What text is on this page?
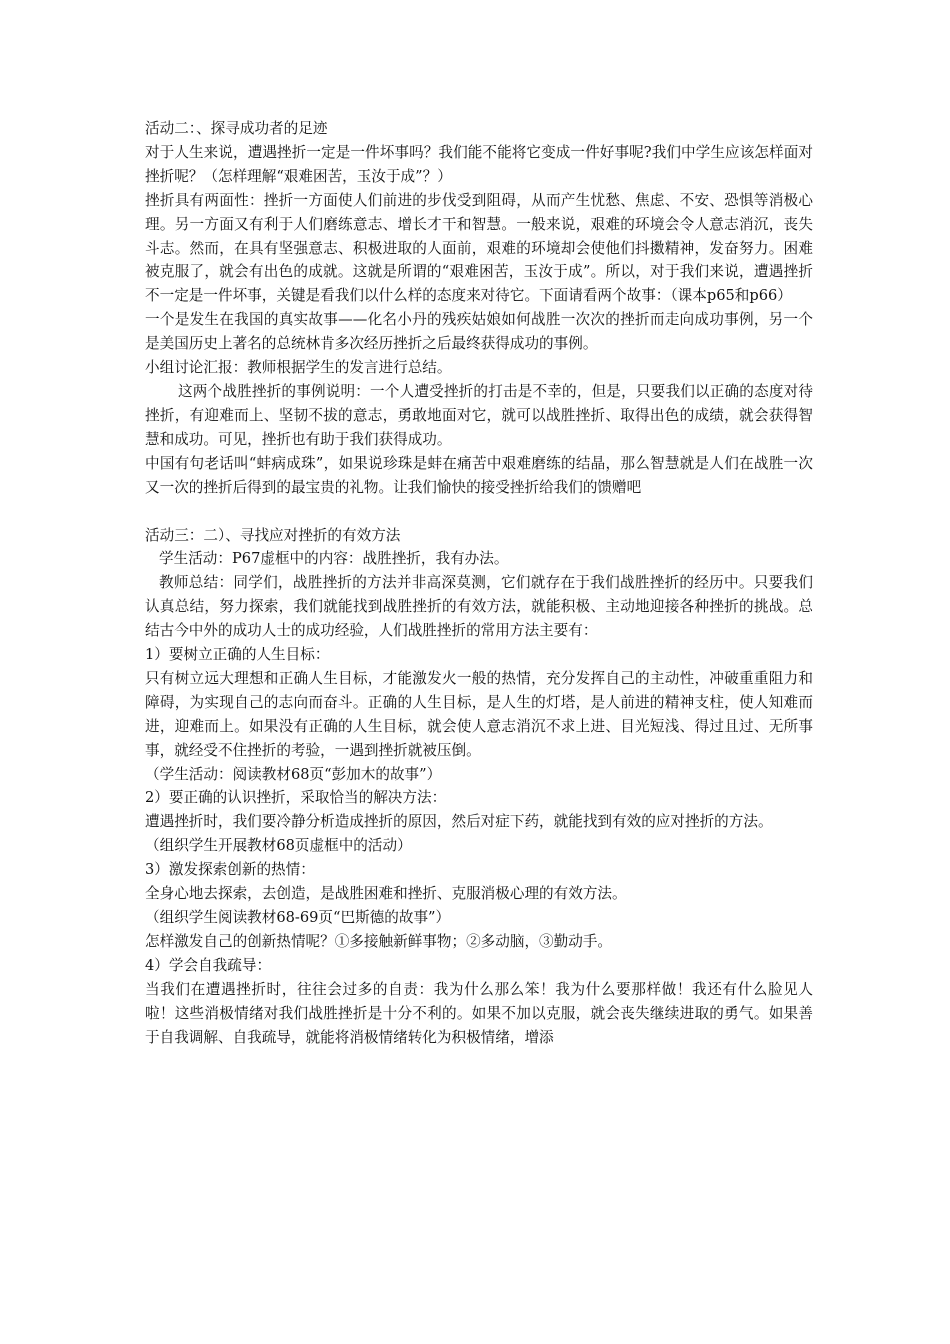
活动二：、探寻成功者的足迹

对于人生来说，遭遇挫折一定是一件坏事吗？我们能不能将它变成一件好事呢?我们中学生应该怎样面对挫折呢？（怎样理解“艰难困苦，玉汝于成”？）

挫折具有两面性：挫折一方面使人们前进的步伐受到阻碍，从而产生忧愁、焦虑、不安、恐惧等消极心理。另一方面又有利于人们磨练意志、增长才干和智慧。一般来说，艰难的环境会令人意志消沉，丧失斗志。然而，在具有坚强意志、积极进取的人面前，艰难的环境却会使他们抖擞精神，发奋努力。困难被克服了，就会有出色的成就。这就是所谓的“艰难困苦，玉汝于成”。所以，对于我们来说，遭遇挫折不一定是一件坏事，关键是看我们以什么样的态度来对待它。下面请看两个故事：（课本p65和p66）

一个是发生在我国的真实故事——化名小丹的残疾姑娘如何战胜一次次的挫折而走向成功事例，另一个是美国历史上著名的总统林肯多次经历挫折之后最终获得成功的事例。

小组讨论汇报：教师根据学生的发言进行总结。

这两个战胜挫折的事例说明：一个人遭受挫折的打击是不幸的，但是，只要我们以正确的态度对待挫折，有迎难而上、坚韧不拔的意志，勇敢地面对它，就可以战胜挫折、取得出色的成绩，就会获得智慧和成功。可见，挫折也有助于我们获得成功。

中国有句老话叫“蚌病成珠”，如果说珍珠是蚌在痛苦中艰难磨练的结晶，那么智慧就是人们在战胜一次又一次的挫折后得到的最宝贵的礼物。让我们愉快的接受挫折给我们的馈赠吧

活动三：二）、寻找应对挫折的有效方法

学生活动：P67虚框中的内容：战胜挫折，我有办法。

教师总结：同学们，战胜挫折的方法并非高深莫测，它们就存在于我们战胜挫折的经历中。只要我们认真总结，努力探索，我们就能找到战胜挫折的有效方法，就能积极、主动地迎接各种挫折的挑战。总结古今中外的成功人士的成功经验，人们战胜挫折的常用方法主要有：

1）要树立正确的人生目标：

只有树立远大理想和正确人生目标，才能激发火一般的热情，充分发挥自己的主动性，冲破重重阻力和障碍，为实现自己的志向而奋斗。正确的人生目标，是人生的灯塔，是人前进的精神支柱，使人知难而进，迎难而上。如果没有正确的人生目标，就会使人意志消沉不求上进、目光短浅、得过且过、无所事事，就经受不住挫折的考验，一遇到挫折就被压倒。

（学生活动：阅读教材68页“彭加木的故事”）

2）要正确的认识挫折，采取恰当的解决方法：

遭遇挫折时，我们要冷静分析造成挫折的原因，然后对症下药，就能找到有效的应对挫折的方法。

（组织学生开展教材68页虚框中的活动）

3）激发探索创新的热情：

全身心地去探索，去创造，是战胜困难和挫折、克服消极心理的有效方法。

（组织学生阅读教材68-69页“巴斯德的故事”）

怎样激发自己的创新热情呢？①多接触新鲜事物；②多动脑，③勤动手。

4）学会自我疏导：

当我们在遭遇挫折时，往往会过多的自责：我为什么那么笨！我为什么要那样做！我还有什么脸见人啦！这些消极情绪对我们战胜挫折是十分不利的。如果不加以克服，就会丧失继续进取的勇气。如果善于自我调解、自我疏导，就能将消极情绪转化为积极情绪，增添
